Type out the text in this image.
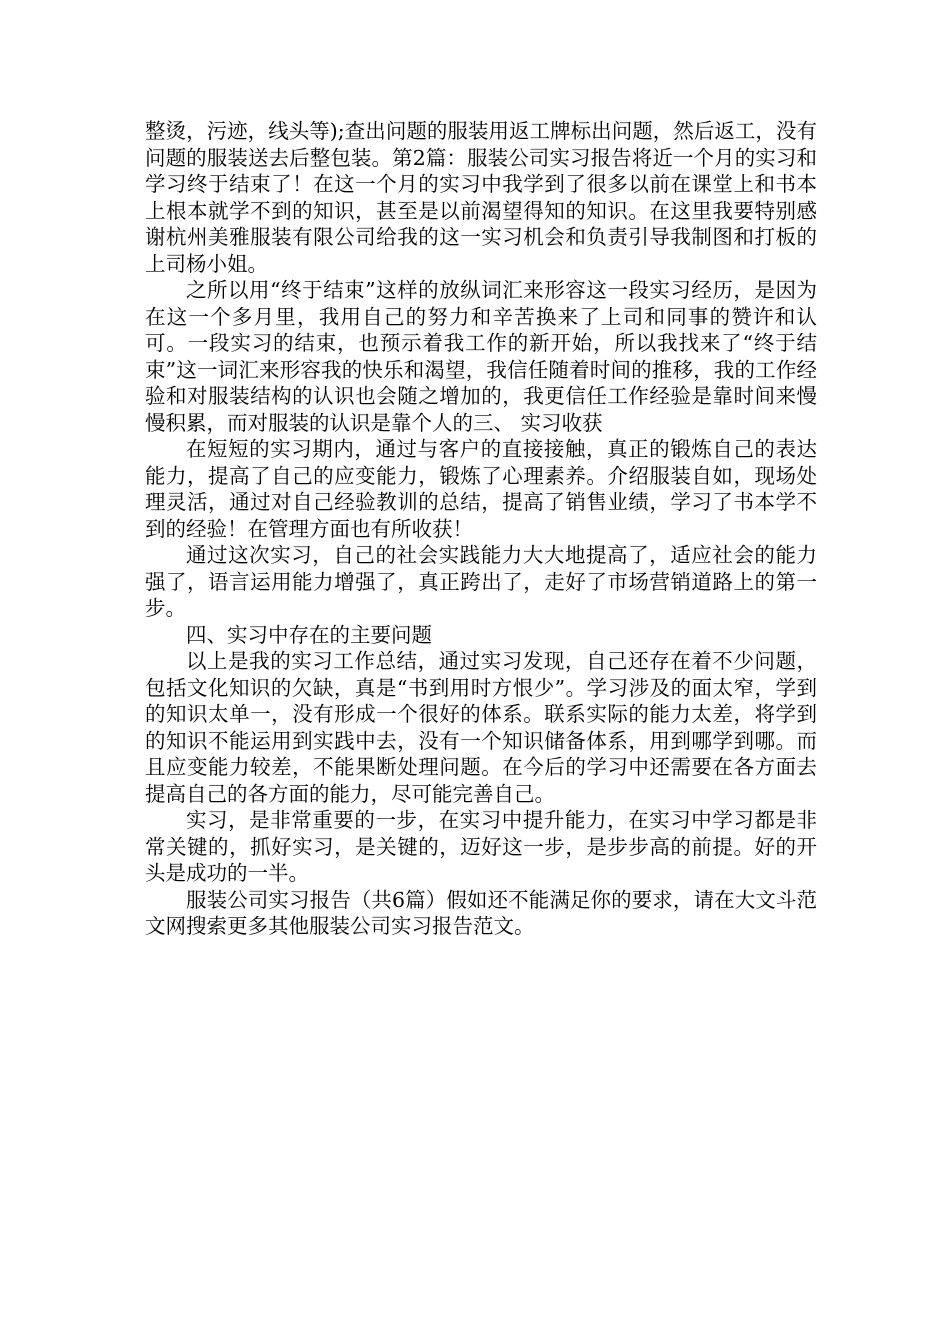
整烫，污迹，线头等);查出问题的服装用返工牌标出问题，然后返工，没有问题的服装送去后整包装。第2篇：服装公司实习报告将近一个月的实习和学习终于结束了！在这一个月的实习中我学到了很多以前在课堂上和书本上根本就学不到的知识，甚至是以前渴望得知的知识。在这里我要特别感谢杭州美雅服装有限公司给我的这一实习机会和负责引导我制图和打板的上司杨小姐。

之所以用“终于结束”这样的放纵词汇来形容这一段实习经历，是因为在这一个多月里，我用自己的努力和辛苦换来了上司和同事的赞许和认可。一段实习的结束，也预示着我工作的新开始，所以我找来了“终于结束”这一词汇来形容我的快乐和渴望，我信任随着时间的推移，我的工作经验和对服装结构的认识也会随之增加的，我更信任工作经验是靠时间来慢慢积累，而对服装的认识是靠个人的三、 实习收获

在短短的实习期内，通过与客户的直接接触，真正的锻炼自己的表达能力，提高了自己的应变能力，锻炼了心理素养。介绍服装自如，现场处理灵活，通过对自己经验教训的总结，提高了销售业绩，学习了书本学不到的经验！在管理方面也有所收获！

通过这次实习，自己的社会实践能力大大地提高了，适应社会的能力强了，语言运用能力增强了，真正跨出了，走好了市场营销道路上的第一步。

四、实习中存在的主要问题

以上是我的实习工作总结，通过实习发现，自己还存在着不少问题，包括文化知识的欠缺，真是“书到用时方恨少”。学习涉及的面太窄，学到的知识太单一，没有形成一个很好的体系。联系实际的能力太差，将学到的知识不能运用到实践中去，没有一个知识储备体系，用到哪学到哪。而且应变能力较差，不能果断处理问题。在今后的学习中还需要在各方面去提高自己的各方面的能力，尽可能完善自己。

实习，是非常重要的一步，在实习中提升能力，在实习中学习都是非常关键的，抓好实习，是关键的，迈好这一步，是步步高的前提。好的开头是成功的一半。

服装公司实习报告（共6篇）假如还不能满足你的要求，请在大文斗范文网搜索更多其他服装公司实习报告范文。
